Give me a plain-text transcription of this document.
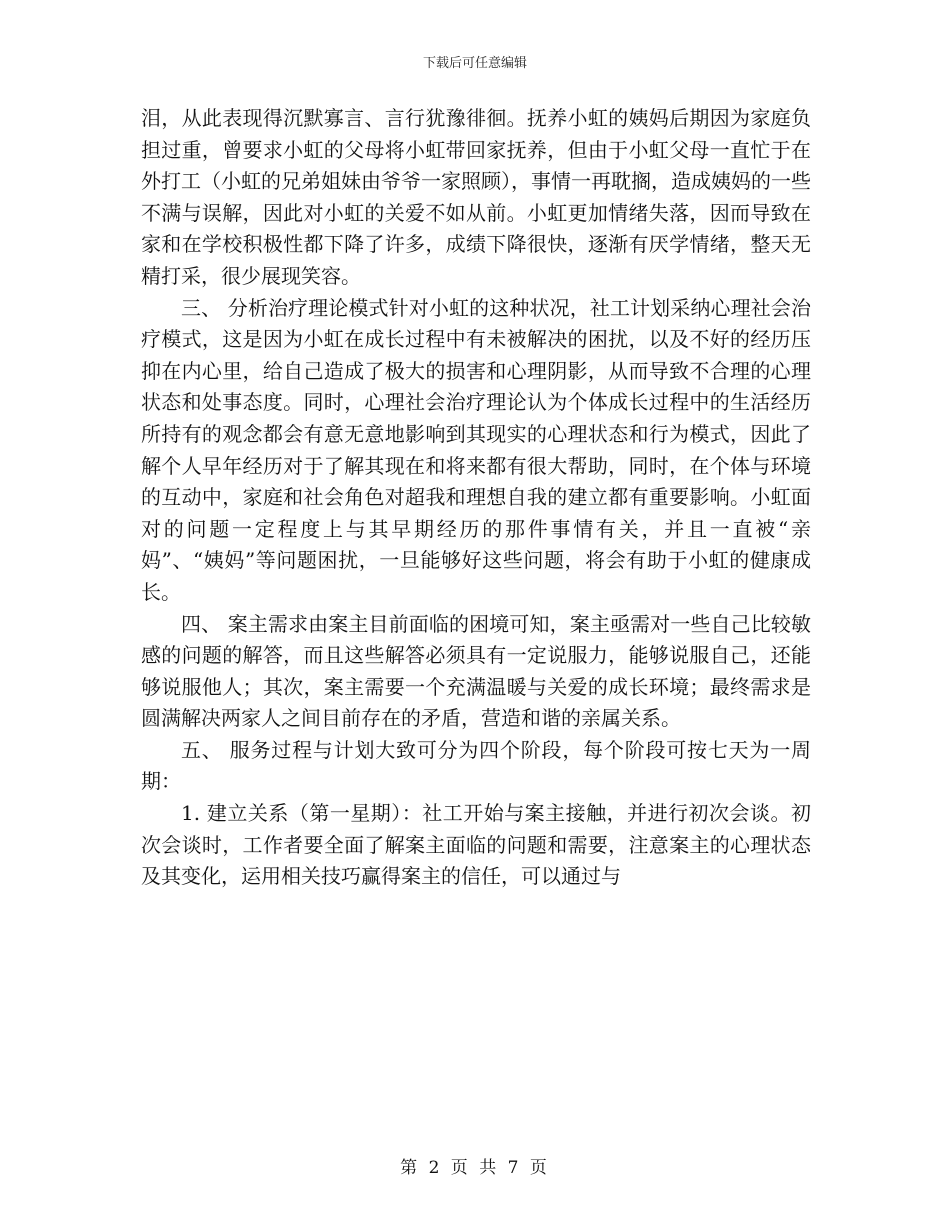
下载后可任意编辑

泪，从此表现得沉默寡言、言行犹豫徘徊。抚养小虹的姨妈后期因为家庭负担过重，曾要求小虹的父母将小虹带回家抚养，但由于小虹父母一直忙于在外打工（小虹的兄弟姐妹由爷爷一家照顾），事情一再耽搁，造成姨妈的一些不满与误解，因此对小虹的关爱不如从前。小虹更加情绪失落，因而导致在家和在学校积极性都下降了许多，成绩下降很快，逐渐有厌学情绪，整天无精打采，很少展现笑容。

三、 分析治疗理论模式针对小虹的这种状况，社工计划采纳心理社会治疗模式，这是因为小虹在成长过程中有未被解决的困扰，以及不好的经历压抑在内心里，给自己造成了极大的损害和心理阴影，从而导致不合理的心理状态和处事态度。同时，心理社会治疗理论认为个体成长过程中的生活经历所持有的观念都会有意无意地影响到其现实的心理状态和行为模式，因此了解个人早年经历对于了解其现在和将来都有很大帮助，同时，在个体与环境的互动中，家庭和社会角色对超我和理想自我的建立都有重要影响。小虹面对的问题一定程度上与其早期经历的那件事情有关，并且一直被“亲妈”、“姨妈”等问题困扰，一旦能够好这些问题，将会有助于小虹的健康成长。

四、 案主需求由案主目前面临的困境可知，案主亟需对一些自己比较敏感的问题的解答，而且这些解答必须具有一定说服力，能够说服自己，还能够说服他人；其次，案主需要一个充满温暖与关爱的成长环境；最终需求是圆满解决两家人之间目前存在的矛盾，营造和谐的亲属关系。

五、 服务过程与计划大致可分为四个阶段，每个阶段可按七天为一周期：

1. 建立关系（第一星期）：社工开始与案主接触，并进行初次会谈。初次会谈时，工作者要全面了解案主面临的问题和需要，注意案主的心理状态及其变化，运用相关技巧赢得案主的信任，可以通过与

第 2 页 共 7 页
